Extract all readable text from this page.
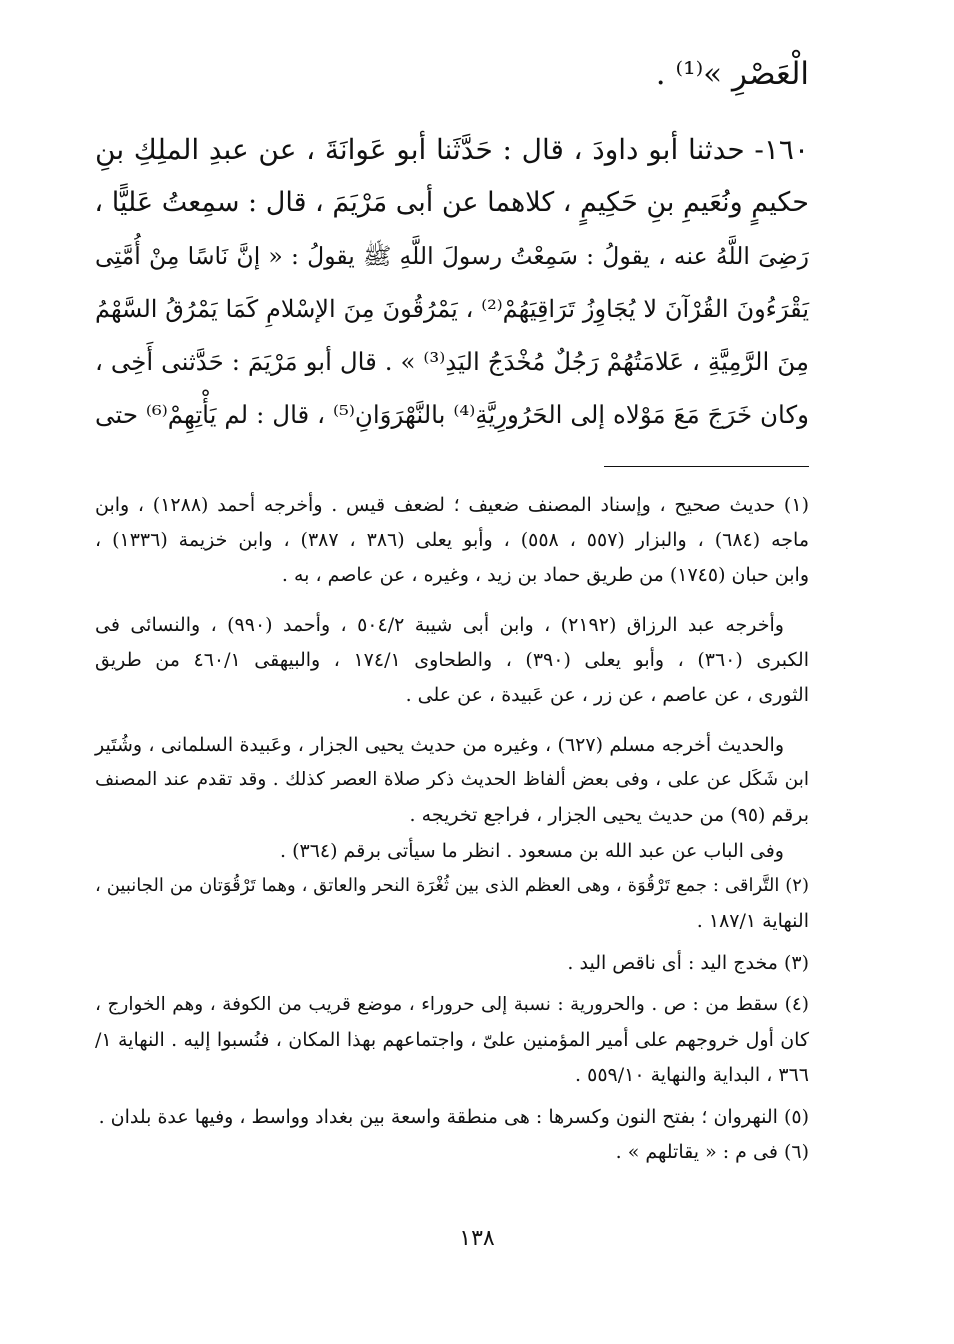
الْعَصْرِ »⁽¹⁾ .
١٦٠- حدثنا أبو داودَ ، قال : حَدَّثَنا أبو عَوانَةَ ، عن عبدِ الملِكِ بنِ
حكيمٍ ونُعَيمِ بنِ حَكِيمٍ ، كلاهما عن أبى مَرْيَمَ ، قال : سمِعتُ عَليًّا ،
رَضِىَ اللَّهُ عنه ، يقولُ : سَمِعْتُ رسولَ اللَّهِ ﷺ يقولُ : « إنَّ نَاسًا مِنْ أُمَّتِى
يَقْرَءُونَ القُرْآنَ لا يُجَاوِزُ تَرَاقِيَهُمْ⁽²⁾ ، يَمْرُقُونَ مِنَ الإسْلامِ كَمَا يَمْرُقُ السَّهْمُ
مِنَ الرَّمِيَّةِ ، عَلامَتُهُمْ رَجُلٌ مُخْدَجُ اليَدِ⁽³⁾ » . قال أبو مَرْيَمَ : حَدَّثنى أَخِى ،
وكان خَرَجَ مَعَ مَوْلاه إلى الحَرُورِيَّةِ⁽⁴⁾ بالنَّهْرَوَانِ⁽⁵⁾ ، قال : لم يَأْتِهِمْ⁽⁶⁾ حتى
(١) حديث صحيح ، وإسناد المصنف ضعيف ؛ لضعف قيس . وأخرجه أحمد (١٢٨٨) ، وابن
ماجه (٦٨٤) ، والبزار (٥٥٧ ، ٥٥٨) ، وأبو يعلى (٣٨٦ ، ٣٨٧) ، وابن خزيمة (١٣٣٦) ،
وابن حبان (١٧٤٥) من طريق حماد بن زيد ، وغيره ، عن عاصم ، به .
وأخرجه عبد الرزاق (٢١٩٢) ، وابن أبى شيبة ٥٠٤/٢ ، وأحمد (٩٩٠) ، والنسائى فى
الكبرى (٣٦٠) ، وأبو يعلى (٣٩٠) ، والطحاوى ١٧٤/١ ، والبيهقى ٤٦٠/١ من طريق
الثورى ، عن عاصم ، عن زر ، عن عَبيدة ، عن على .
والحديث أخرجه مسلم (٦٢٧) ، وغيره من حديث يحيى الجزار ، وعَبيدة السلمانى ، وشُتَير
ابن شَكَل عن على ، وفى بعض ألفاظ الحديث ذكر صلاة العصر كذلك . وقد تقدم عند المصنف
برقم (٩٥) من حديث يحيى الجزار ، فراجع تخريجه .
وفى الباب عن عبد الله بن مسعود . انظر ما سيأتى برقم (٣٦٤) .
(٢) التَّراقى : جمع تَرْقُوَة ، وهى العظم الذى بين ثُغْرَة النحر والعاتق ، وهما تَرْقُوَتان من الجانبين ،
النهاية ١٨٧/١ .
(٣) مخدج اليد : أى ناقص اليد .
(٤) سقط من : ص . والحرورية : نسبة إلى حروراء ، موضع قريب من الكوفة ، وهم الخوارج ،
كان أول خروجهم على أمير المؤمنين علىّ ، واجتماعهم بهذا المكان ، فنُسبوا إليه . النهاية ١/
٣٦٦ ، البداية والنهاية ٥٥٩/١٠ .
(٥) النهروان ؛ بفتح النون وكسرها : هى منطقة واسعة بين بغداد وواسط ، وفيها عدة بلدان .
(٦) فى م : « يقاتلهم » .
١٣٨
